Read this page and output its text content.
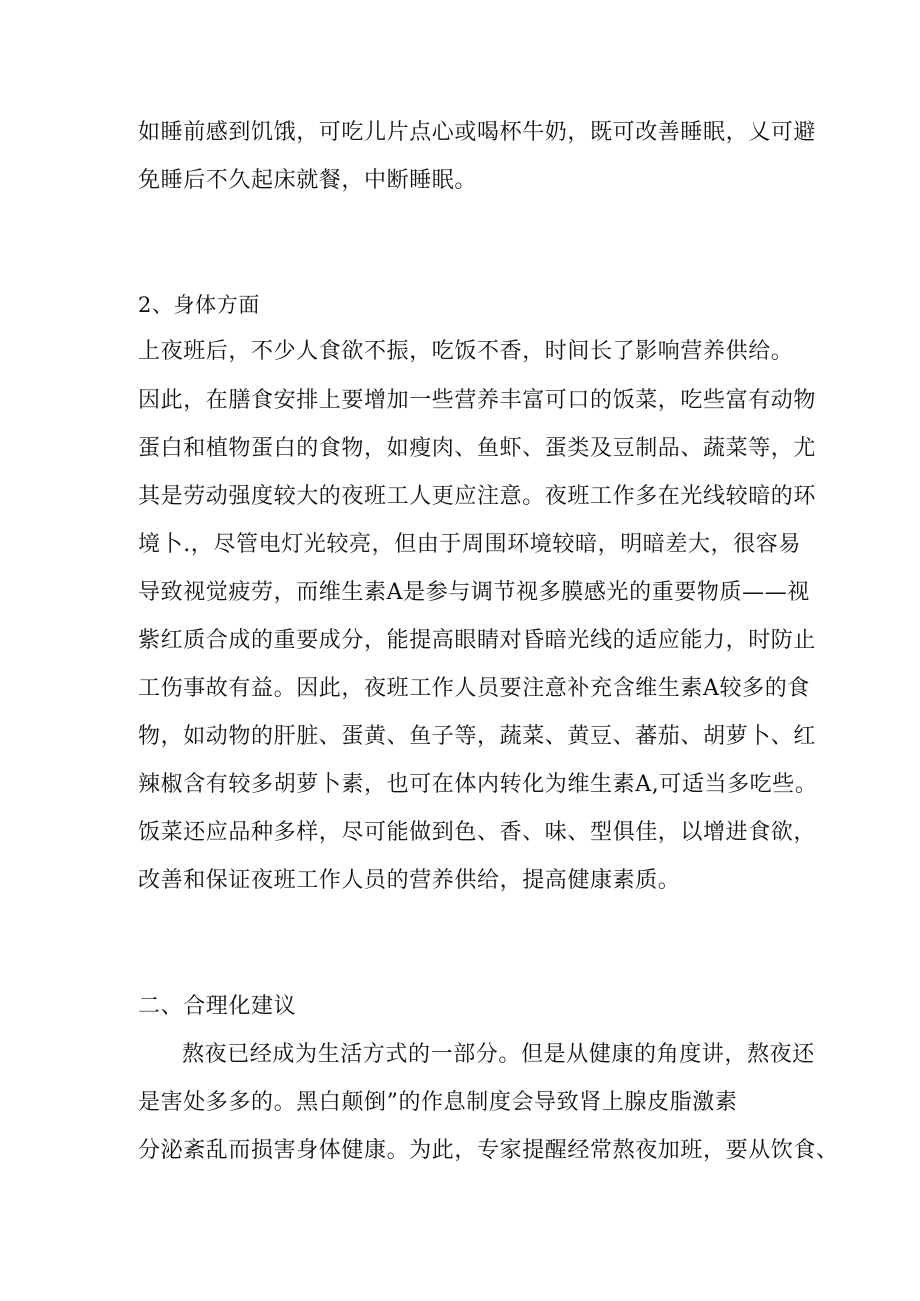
如睡前感到饥饿，可吃儿片点心或喝杯牛奶，既可改善睡眠，乂可避
免睡后不久起床就餐，中断睡眠。
2、身体方面
上夜班后，不少人食欲不振，吃饭不香，时间长了影响营养供给。
因此，在膳食安排上要增加一些营养丰富可口的饭菜，吃些富有动物
蛋白和植物蛋白的食物，如瘦肉、鱼虾、蛋类及豆制品、蔬菜等，尤
其是劳动强度较大的夜班工人更应注意。夜班工作多在光线较暗的环
境卜.，尽管电灯光较亮，但由于周围环境较暗，明暗差大，很容易
导致视觉疲劳，而维生素A是参与调节视多膜感光的重要物质——视
紫红质合成的重要成分，能提高眼睛对昏暗光线的适应能力，时防止
工伤事故有益。因此，夜班工作人员要注意补充含维生素A较多的食
物，如动物的肝脏、蛋黄、鱼子等，蔬菜、黄豆、蕃茄、胡萝卜、红
辣椒含有较多胡萝卜素，也可在体内转化为维生素A,可适当多吃些。
饭菜还应品种多样，尽可能做到色、香、味、型俱佳，以增进食欲，
改善和保证夜班工作人员的营养供给，提高健康素质。
二、合理化建议
熬夜已经成为生活方式的一部分。但是从健康的角度讲，熬夜还
是害处多多的。黑白颠倒”的作息制度会导致肾上腺皮脂激素
分泌紊乱而损害身体健康。为此，专家提醒经常熬夜加班，要从饮食、
